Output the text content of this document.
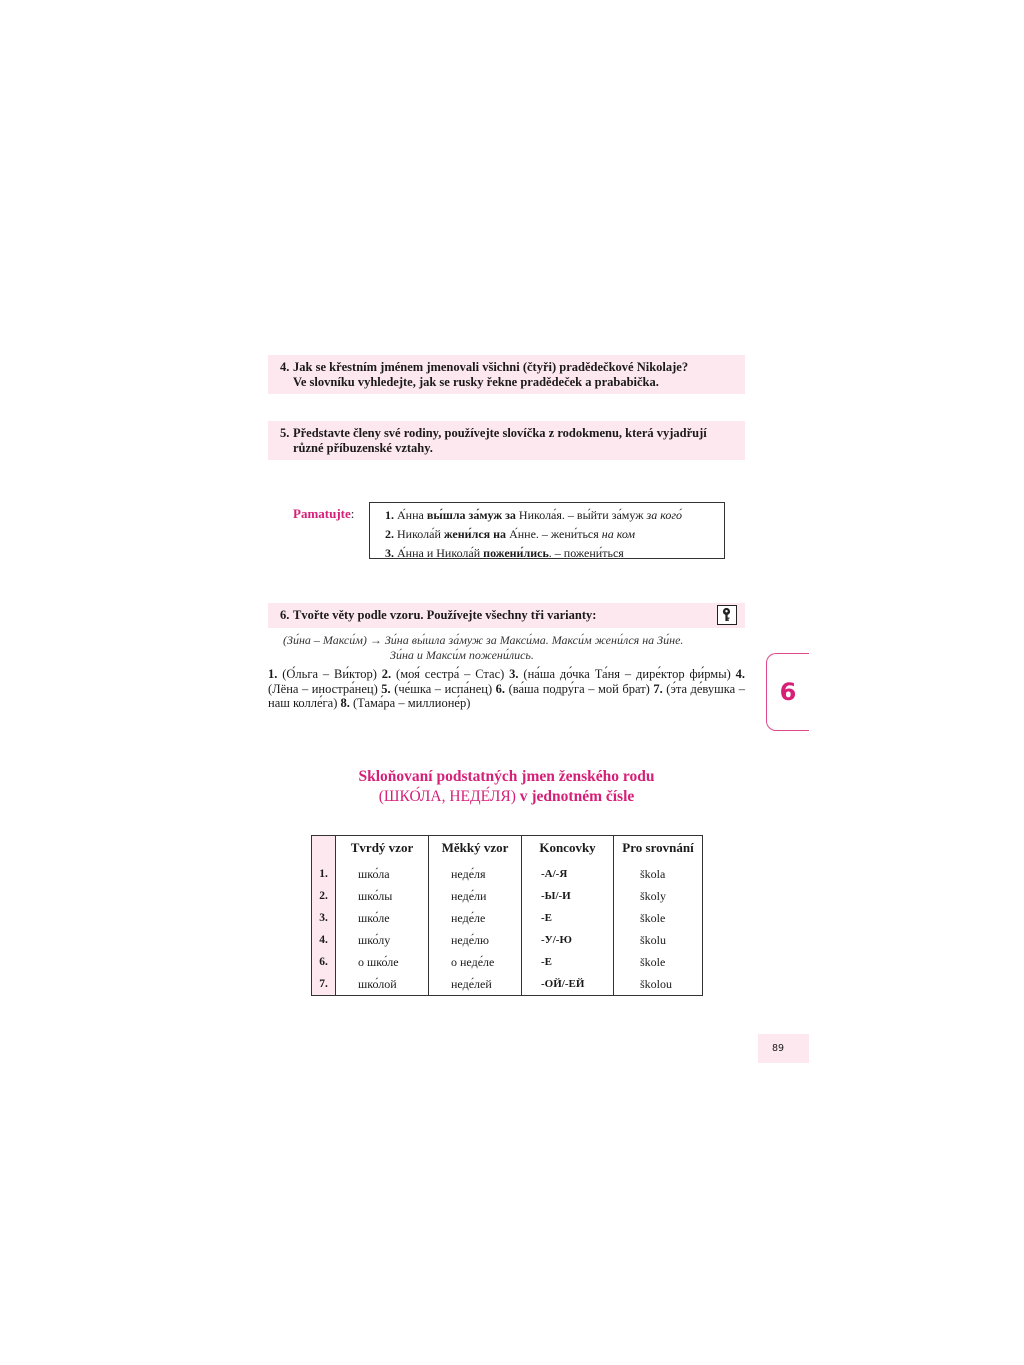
4. Jak se křestním jménem jmenovali všichni (čtyři) pradědečkové Nikolaje?
Ve slovníku vyhledejte, jak se rusky řekne pradědeček a prababička.
5. Představte členy své rodiny, používejte slovíčka z rodokmenu, která vyjadřují
různé příbuzenské vztahy.
Pamatujte:	1. А́нна вы́шла за́муж за Никола́я. – вы́йти за́муж за кого́
2. Никола́й жени́лся на А́нне. – жени́ться на ком
3. А́нна и Никола́й пожени́лись. – пожени́ться
6. Tvořte věty podle vzoru. Používejte všechny tři varianty:
(Зи́на – Макси́м) → Зи́на вы́шла за́муж за Макси́ма. Макси́м жени́лся на Зи́не.
Зи́на и Макси́м пожени́лись.
1. (О́льга – Ви́ктор) 2. (моя́ сестра́ – Стас) 3. (на́ша до́чка Та́ня – дире́ктор фи́рмы) 4. (Лёна – иностра́нец) 5. (че́шка – испа́нец) 6. (ва́ша подру́га – мой брат) 7. (э́та де́вушка – наш колле́га) 8. (Тама́ра – миллионе́р)	6
Skloňovaní podstatných jmen ženského rodu
(ШКО́ЛА, НЕДЕ́ЛЯ) v jednotném čísle
	Tvrdý vzor	Měkký vzor	Koncovky	Pro srovnání
1.	шко́ла	неде́ля	-А/-Я	škola
2.	шко́лы	неде́ли	-Ы/-И	školy
3.	шко́ле	неде́ле	-Е	škole
4.	шко́лу	неде́лю	-У/-Ю	školu
6.	о шко́ле	о неде́ле	-Е	škole
7.	шко́лой	неде́лей	-ОЙ/-ЕЙ	školou
89
